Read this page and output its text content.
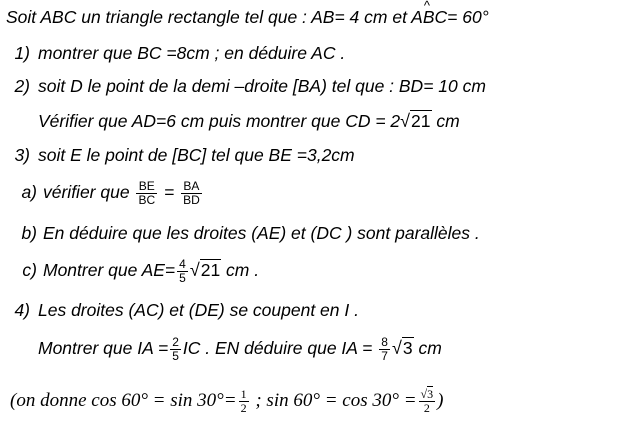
Soit ABC un triangle rectangle tel que : AB= 4 cm et A^ BC= 60°
1) montrer que BC =8cm ; en déduire AC .
2) soit D le point de la demi –droite [BA) tel que : BD= 10 cm
Vérifier que AD=6 cm puis montrer que CD = 2√21 cm
3) soit E le point de [BC] tel que BE =3,2cm
a) vérifier que $\frac{BE}{BC} = \frac{BA}{BD}$
b) En déduire que les droites (AE) et (DC ) sont parallèles .
c) Montrer que $AE= \frac{4}{5} √21$ cm .
4) Les droites (AC) et (DE) se coupent en I .
Montrer que IA = $\frac{2}{5}$ IC . EN déduire que IA = $\frac{8}{7} √3$ cm
(on donne $\cos 60^\circ = \sin 30^\circ= \frac{1}{2}$ ; $\sin 60^\circ = \cos 30^\circ = \frac{√3}{2}$ )
